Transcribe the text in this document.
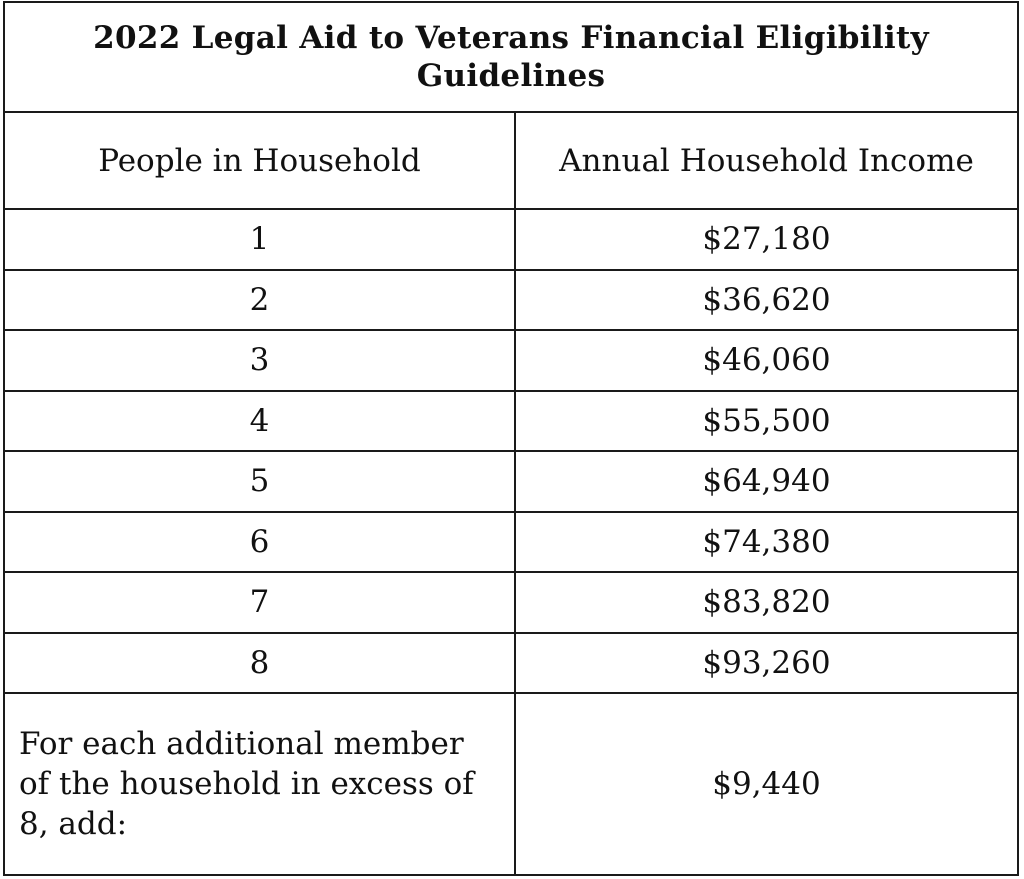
2022 Legal Aid to Veterans Financial Eligibility Guidelines	
People in Household	Annual Household Income
1	$27,180
2	$36,620
3	$46,060
4	$55,500
5	$64,940
6	$74,380
7	$83,820
8	$93,260
For each additional member of the household in excess of 8, add:	$9,440
